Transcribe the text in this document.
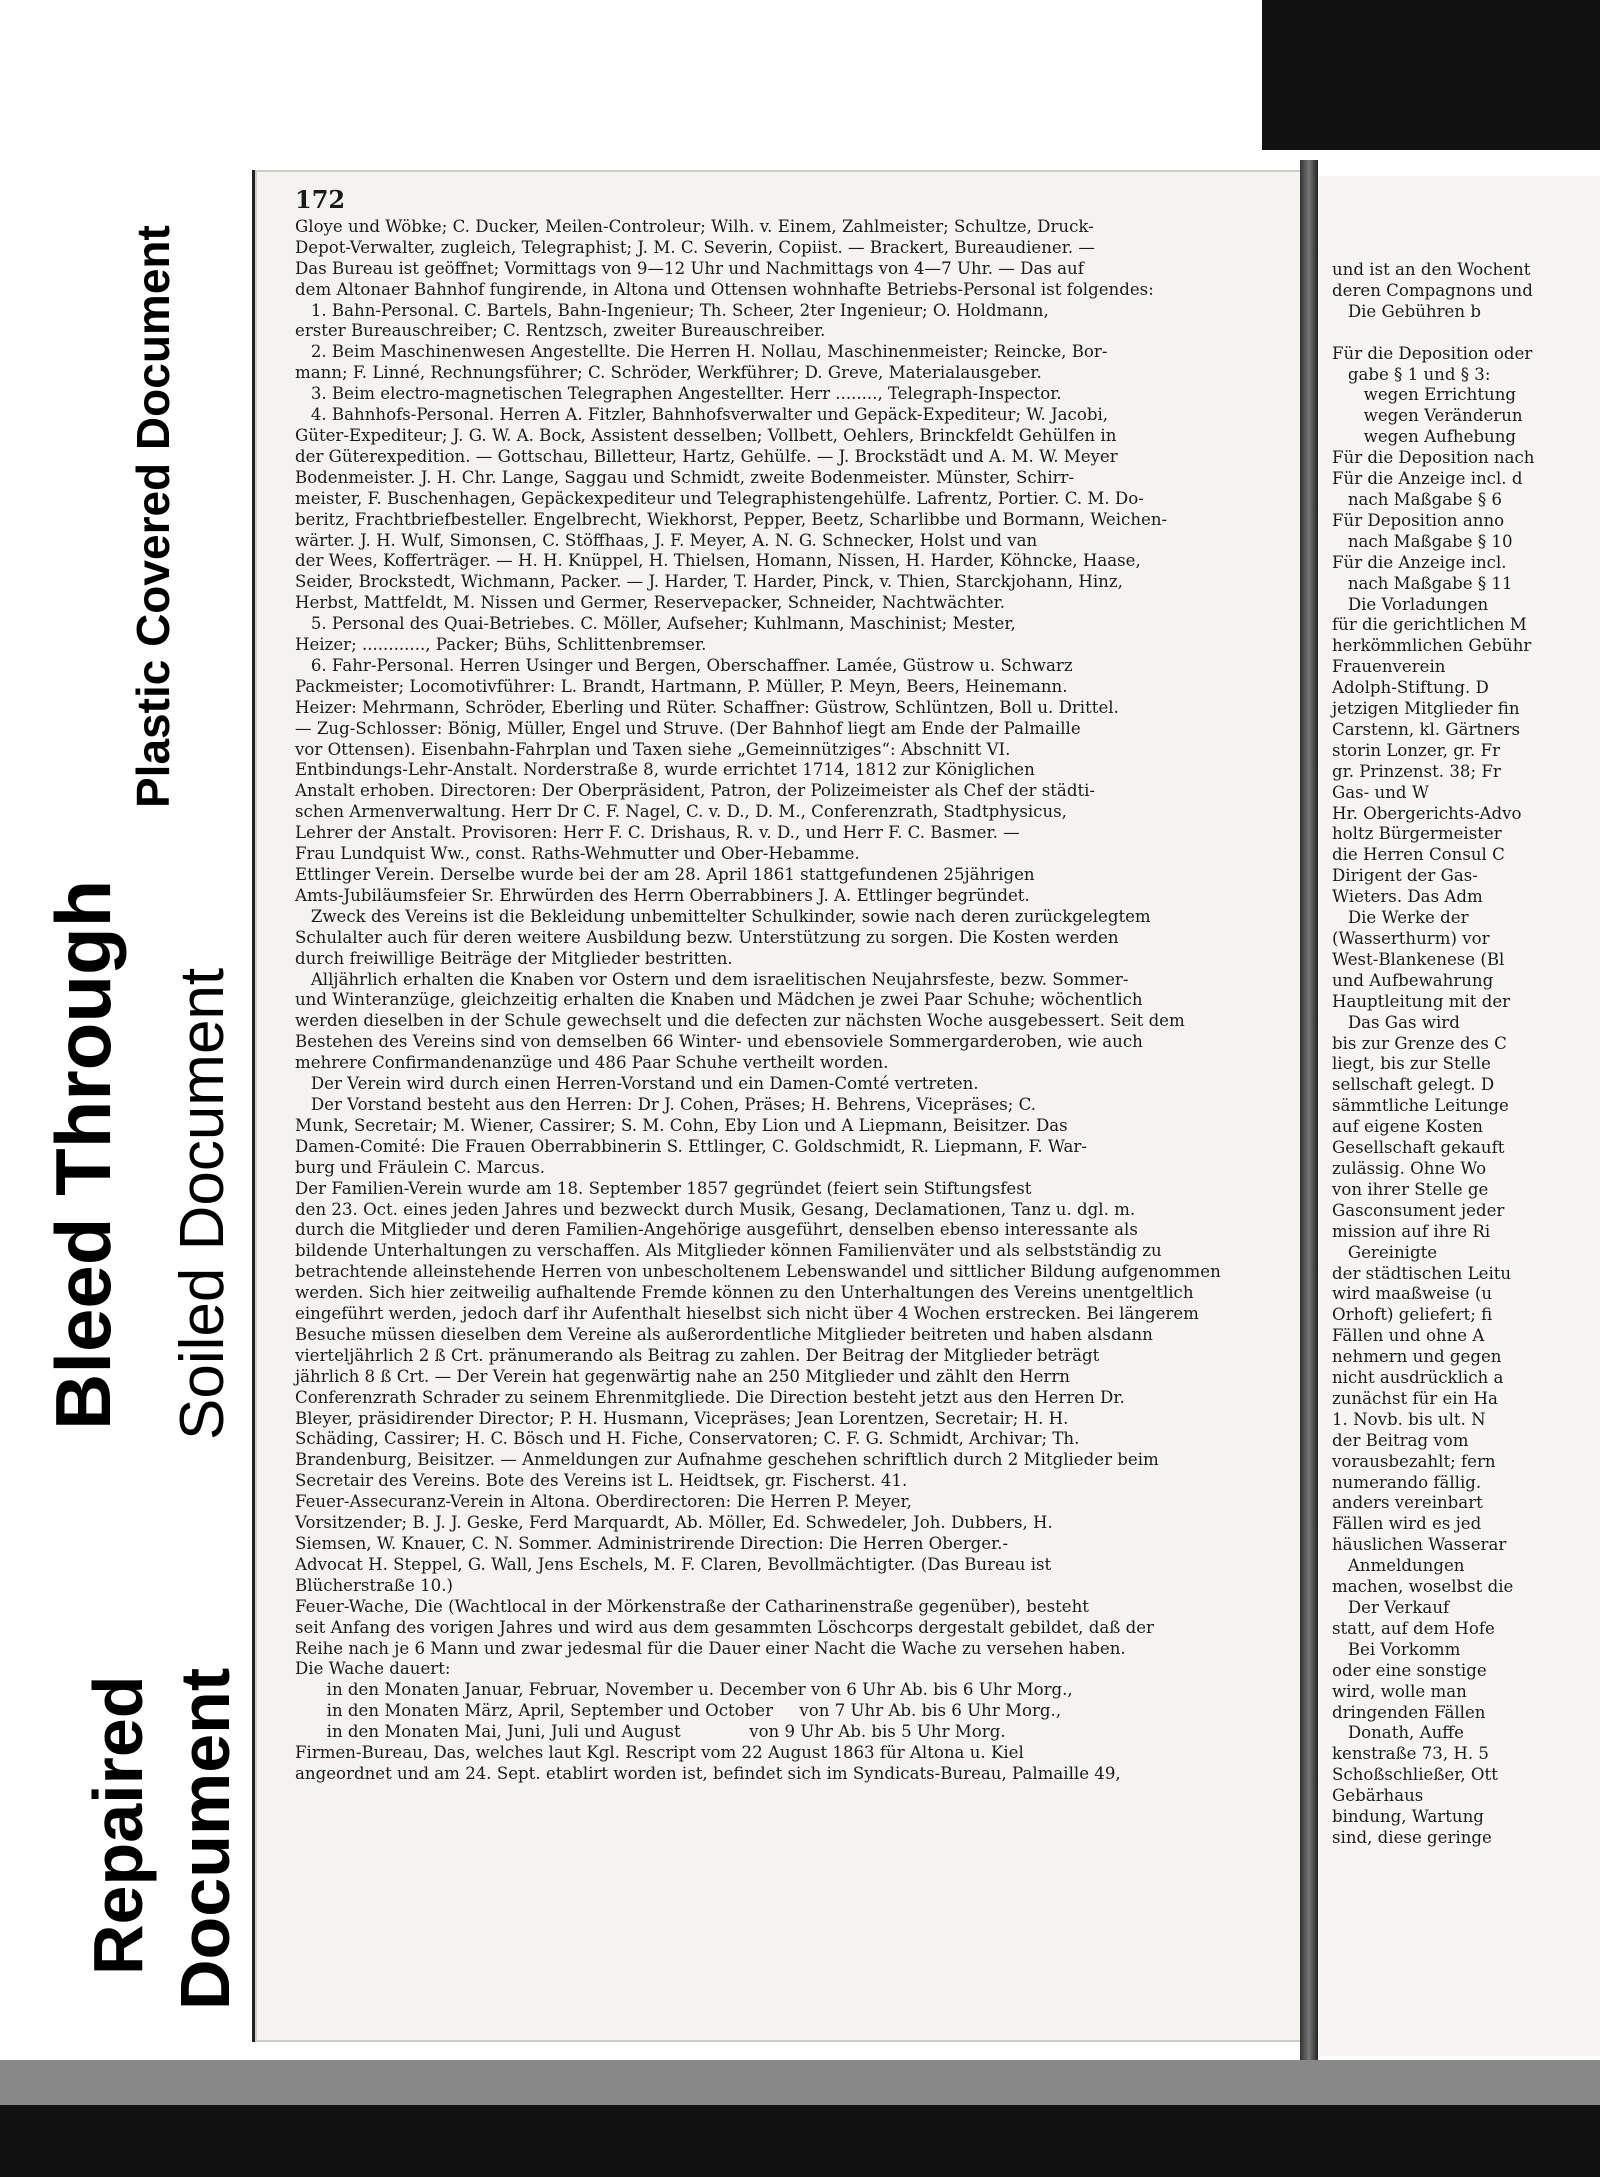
Plastic Covered Document
Bleed Through Soiled Document
Repaired Document
172

Gloye und Wöbke; C. Ducker, Meilen-Controleur; Wilh. v. Einem, Zahlmeister; Schultze, Druck-

Depot-Verwalter, zugleich, Telegraphist; J. M. C. Severin, Copiist. — Brackert, Bureaudiener. —

Das Bureau ist geöffnet; Vormittags von 9—12 Uhr und Nachmittags von 4—7 Uhr. — Das auf

dem Altonaer Bahnhof fungirende, in Altona und Ottensen wohnhafte Betriebs-Personal ist folgendes:

1. Bahn-Personal. C. Bartels, Bahn-Ingenieur; Th. Scheer, 2ter Ingenieur; O. Holdmann,

erster Bureauschreiber; C. Rentzsch, zweiter Bureauschreiber.

2. Beim Maschinenwesen Angestellte. Die Herren H. Nollau, Maschinenmeister; Reincke, Bor-

mann; F. Linné, Rechnungsführer; C. Schröder, Werkführer; D. Greve, Materialausgeber.

3. Beim electro-magnetischen Telegraphen Angestellter. Herr ........, Telegraph-Inspector.

4. Bahnhofs-Personal. Herren A. Fitzler, Bahnhofsverwalter und Gepäck-Expediteur; W. Jacobi,

Güter-Expediteur; J. G. W. A. Bock, Assistent desselben; Vollbett, Oehlers, Brinckfeldt Gehülfen in

der Güterexpedition. — Gottschau, Billetteur, Hartz, Gehülfe. — J. Brockstädt und A. M. W. Meyer

Bodenmeister. J. H. Chr. Lange, Saggau und Schmidt, zweite Bodenmeister. Münster, Schirr-

meister, F. Buschenhagen, Gepäckexpediteur und Telegraphistengehülfe. Lafrentz, Portier. C. M. Do-

beritz, Frachtbriefbesteller. Engelbrecht, Wiekhorst, Pepper, Beetz, Scharlibbe und Bormann, Weichen-

wärter. J. H. Wulf, Simonsen, C. Stöffhaas, J. F. Meyer, A. N. G. Schnecker, Holst und van

der Wees, Kofferträger. — H. H. Knüppel, H. Thielsen, Homann, Nissen, H. Harder, Köhncke, Haase,

Seider, Brockstedt, Wichmann, Packer. — J. Harder, T. Harder, Pinck, v. Thien, Starckjohann, Hinz,

Herbst, Mattfeldt, M. Nissen und Germer, Reservepacker, Schneider, Nachtwächter.

5. Personal des Quai-Betriebes. C. Möller, Aufseher; Kuhlmann, Maschinist; Mester,

Heizer; ............, Packer; Bühs, Schlittenbremser.

6. Fahr-Personal. Herren Usinger und Bergen, Oberschaffner. Lamée, Güstrow u. Schwarz

Packmeister; Locomotivführer: L. Brandt, Hartmann, P. Müller, P. Meyn, Beers, Heinemann.

Heizer: Mehrmann, Schröder, Eberling und Rüter. Schaffner: Güstrow, Schlüntzen, Boll u. Drittel.

— Zug-Schlosser: Bönig, Müller, Engel und Struve. (Der Bahnhof liegt am Ende der Palmaille

vor Ottensen). Eisenbahn-Fahrplan und Taxen siehe „Gemeinnütziges“: Abschnitt VI.

Entbindungs-Lehr-Anstalt. Norderstraße 8, wurde errichtet 1714, 1812 zur Königlichen

Anstalt erhoben. Directoren: Der Oberpräsident, Patron, der Polizeimeister als Chef der städti-

schen Armenverwaltung. Herr Dr C. F. Nagel, C. v. D., D. M., Conferenzrath, Stadtphysicus,

Lehrer der Anstalt. Provisoren: Herr F. C. Drishaus, R. v. D., und Herr F. C. Basmer. —

Frau Lundquist Ww., const. Raths-Wehmutter und Ober-Hebamme.

Ettlinger Verein. Derselbe wurde bei der am 28. April 1861 stattgefundenen 25jährigen

Amts-Jubiläumsfeier Sr. Ehrwürden des Herrn Oberrabbiners J. A. Ettlinger begründet.

Zweck des Vereins ist die Bekleidung unbemittelter Schulkinder, sowie nach deren zurückgelegtem

Schulalter auch für deren weitere Ausbildung bezw. Unterstützung zu sorgen. Die Kosten werden

durch freiwillige Beiträge der Mitglieder bestritten.

Alljährlich erhalten die Knaben vor Ostern und dem israelitischen Neujahrsfeste, bezw. Sommer-

und Winteranzüge, gleichzeitig erhalten die Knaben und Mädchen je zwei Paar Schuhe; wöchentlich

werden dieselben in der Schule gewechselt und die defecten zur nächsten Woche ausgebessert. Seit dem

Bestehen des Vereins sind von demselben 66 Winter- und ebensoviele Sommergarderoben, wie auch

mehrere Confirmandenanzüge und 486 Paar Schuhe vertheilt worden.

Der Verein wird durch einen Herren-Vorstand und ein Damen-Comté vertreten.

Der Vorstand besteht aus den Herren: Dr J. Cohen, Präses; H. Behrens, Vicepräses; C.

Munk, Secretair; M. Wiener, Cassirer; S. M. Cohn, Eby Lion und A Liepmann, Beisitzer. Das

Damen-Comité: Die Frauen Oberrabbinerin S. Ettlinger, C. Goldschmidt, R. Liepmann, F. War-

burg und Fräulein C. Marcus.

Der Familien-Verein wurde am 18. September 1857 gegründet (feiert sein Stiftungsfest

den 23. Oct. eines jeden Jahres und bezweckt durch Musik, Gesang, Declamationen, Tanz u. dgl. m.

durch die Mitglieder und deren Familien-Angehörige ausgeführt, denselben ebenso interessante als

bildende Unterhaltungen zu verschaffen. Als Mitglieder können Familienväter und als selbstständig zu

betrachtende alleinstehende Herren von unbescholtenem Lebenswandel und sittlicher Bildung aufgenommen

werden. Sich hier zeitweilig aufhaltende Fremde können zu den Unterhaltungen des Vereins unentgeltlich

eingeführt werden, jedoch darf ihr Aufenthalt hieselbst sich nicht über 4 Wochen erstrecken. Bei längerem

Besuche müssen dieselben dem Vereine als außerordentliche Mitglieder beitreten und haben alsdann

vierteljährlich 2 ß Crt. pränumerando als Beitrag zu zahlen. Der Beitrag der Mitglieder beträgt

jährlich 8 ß Crt. — Der Verein hat gegenwärtig nahe an 250 Mitglieder und zählt den Herrn

Conferenzrath Schrader zu seinem Ehrenmitgliede. Die Direction besteht jetzt aus den Herren Dr.

Bleyer, präsidirender Director; P. H. Husmann, Vicepräses; Jean Lorentzen, Secretair; H. H.

Schäding, Cassirer; H. C. Bösch und H. Fiche, Conservatoren; C. F. G. Schmidt, Archivar; Th.

Brandenburg, Beisitzer. — Anmeldungen zur Aufnahme geschehen schriftlich durch 2 Mitglieder beim

Secretair des Vereins. Bote des Vereins ist L. Heidtsek, gr. Fischerst. 41.

Feuer-Assecuranz-Verein in Altona. Oberdirectoren: Die Herren P. Meyer,

Vorsitzender; B. J. J. Geske, Ferd Marquardt, Ab. Möller, Ed. Schwedeler, Joh. Dubbers, H.

Siemsen, W. Knauer, C. N. Sommer. Administrirende Direction: Die Herren Oberger.-

Advocat H. Steppel, G. Wall, Jens Eschels, M. F. Claren, Bevollmächtigter. (Das Bureau ist

Blücherstraße 10.)

Feuer-Wache, Die (Wachtlocal in der Mörkenstraße der Catharinenstraße gegenüber), besteht

seit Anfang des vorigen Jahres und wird aus dem gesammten Löschcorps dergestalt gebildet, daß der

Reihe nach je 6 Mann und zwar jedesmal für die Dauer einer Nacht die Wache zu versehen haben.

Die Wache dauert:

in den Monaten Januar, Februar, November u. December von 6 Uhr Ab. bis 6 Uhr Morg.,

in den Monaten März, April, September und October     von 7 Uhr Ab. bis 6 Uhr Morg.,

in den Monaten Mai, Juni, Juli und August             von 9 Uhr Ab. bis 5 Uhr Morg.

Firmen-Bureau, Das, welches laut Kgl. Rescript vom 22 August 1863 für Altona u. Kiel

angeordnet und am 24. Sept. etablirt worden ist, befindet sich im Syndicats-Bureau, Palmaille 49,

und ist an den Wochent

deren Compagnons und

Die Gebühren b

Für die Deposition oder

gabe § 1 und § 3:

wegen Errichtung

wegen Veränderun

wegen Aufhebung

Für die Deposition nach

Für die Anzeige incl. d

nach Maßgabe § 6

Für Deposition anno

nach Maßgabe § 10

Für die Anzeige incl.

nach Maßgabe § 11

Die Vorladungen

für die gerichtlichen M

herkömmlichen Gebühr

Frauenverein

Adolph-Stiftung. D

jetzigen Mitglieder fin

Carstenn, kl. Gärtners

storin Lonzer, gr. Fr

gr. Prinzenst. 38; Fr

Gas- und W

Hr. Obergerichts-Advo

holtz Bürgermeister

die Herren Consul C

Dirigent der Gas-

Wieters. Das Adm

Die Werke der

(Wasserthurm) vor

West-Blankenese (Bl

und Aufbewahrung

Hauptleitung mit der

Das Gas wird

bis zur Grenze des C

liegt, bis zur Stelle

sellschaft gelegt. D

sämmtliche Leitunge

auf eigene Kosten

Gesellschaft gekauft

zulässig. Ohne Wo

von ihrer Stelle ge

Gasconsument jeder

mission auf ihre Ri

Gereinigte

der städtischen Leitu

wird maaßweise (u

Orhoft) geliefert; fi

Fällen und ohne A

nehmern und gegen

nicht ausdrücklich a

zunächst für ein Ha

1. Novb. bis ult. N

der Beitrag vom

vorausbezahlt; fern

numerando fällig.

anders vereinbart

Fällen wird es jed

häuslichen Wasserar

Anmeldungen

machen, woselbst die

Der Verkauf

statt, auf dem Hofe

Bei Vorkomm

oder eine sonstige

wird, wolle man

dringenden Fällen

Donath, Auffe

kenstraße 73, H. 5

Schoßschließer, Ott

Gebärhaus

bindung, Wartung

sind, diese geringe
